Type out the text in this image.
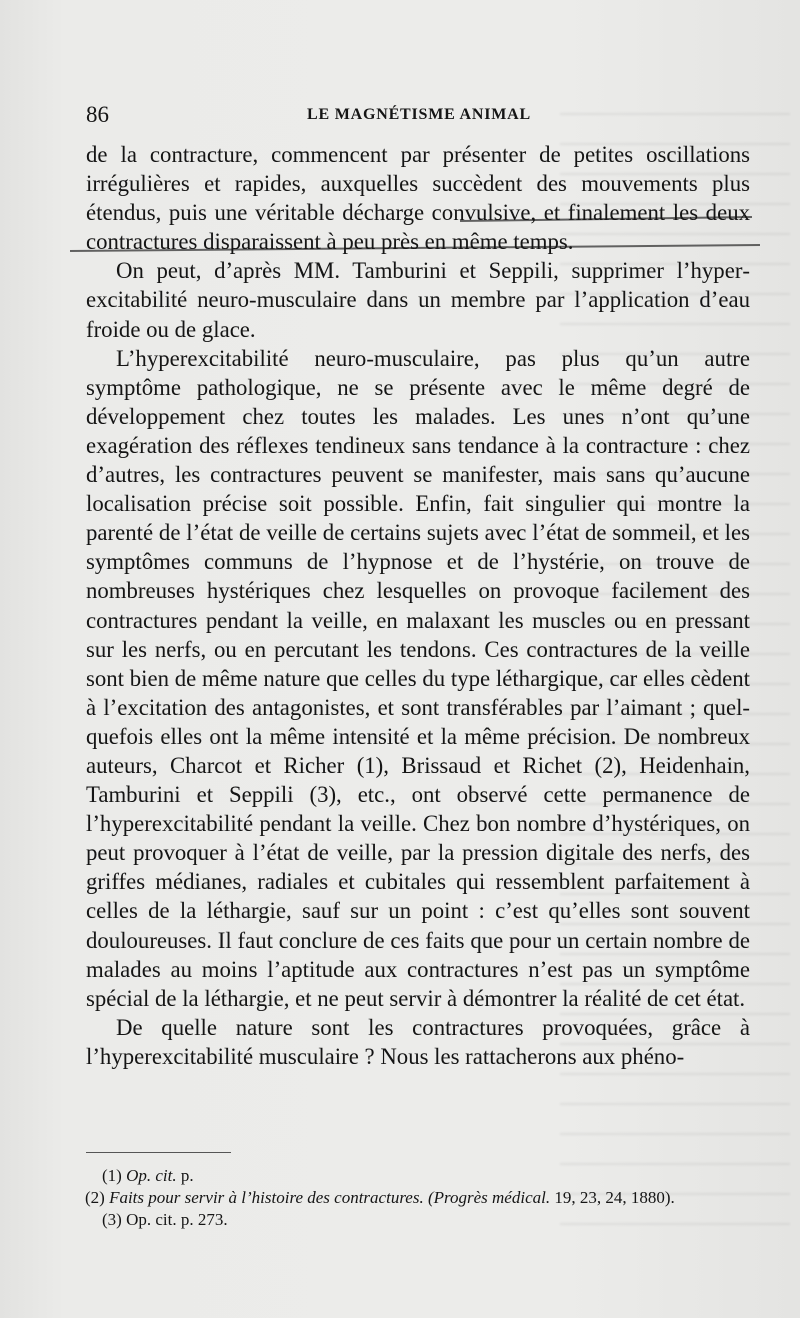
86	LE MAGNÉTISME ANIMAL

de la contracture, commencent par présenter de petites oscillations irrégulières et rapides, auxquelles succèdent des mouvements plus étendus, puis une véritable décharge convulsive, et finalement les deux contractures disparaissent à peu près en même temps.

On peut, d’après MM. Tamburini et Seppili, supprimer l’hyperexcitabilité neuro-musculaire dans un membre par l’application d’eau froide ou de glace.

L’hyperexcitabilité neuro-musculaire, pas plus qu’un autre symptôme pathologique, ne se présente avec le même degré de développement chez toutes les malades. Les unes n’ont qu’une exagération des réflexes tendineux sans tendance à la contracture : chez d’autres, les contractures peuvent se manifester, mais sans qu’aucune localisation précise soit possible. Enfin, fait singulier qui montre la parenté de l’état de veille de certains sujets avec l’état de sommeil, et les symptômes communs de l’hypnose et de l’hystérie, on trouve de nombreuses hystériques chez lesquelles on provoque facilement des contractures pendant la veille, en malaxant les muscles ou en pressant sur les nerfs, ou en percutant les tendons. Ces contractures de la veille sont bien de même nature que celles du type léthargique, car elles cèdent à l’excitation des antagonistes, et sont transférables par l’aimant ; quelquefois elles ont la même intensité et la même précision. De nombreux auteurs, Charcot et Richer (1), Brissaud et Richet (2), Heidenhain, Tamburini et Seppili (3), etc., ont observé cette permanence de l’hyperexcitabilité pendant la veille. Chez bon nombre d’hystériques, on peut provoquer à l’état de veille, par la pression digitale des nerfs, des griffes médianes, radiales et cubitales qui ressemblent parfaitement à celles de la léthargie, sauf sur un point : c’est qu’elles sont souvent douloureuses. Il faut conclure de ces faits que pour un certain nombre de malades au moins l’aptitude aux contractures n’est pas un symptôme spécial de la léthargie, et ne peut servir à démontrer la réalité de cet état.

De quelle nature sont les contractures provoquées, grâce à l’hyperexcitabilité musculaire ? Nous les rattacherons aux phéno-

(1) Op. cit. p.

(2) Faits pour servir à l’histoire des contractures. (Progrès médical. 19, 23, 24, 1880).

(3) Op. cit. p. 273.
